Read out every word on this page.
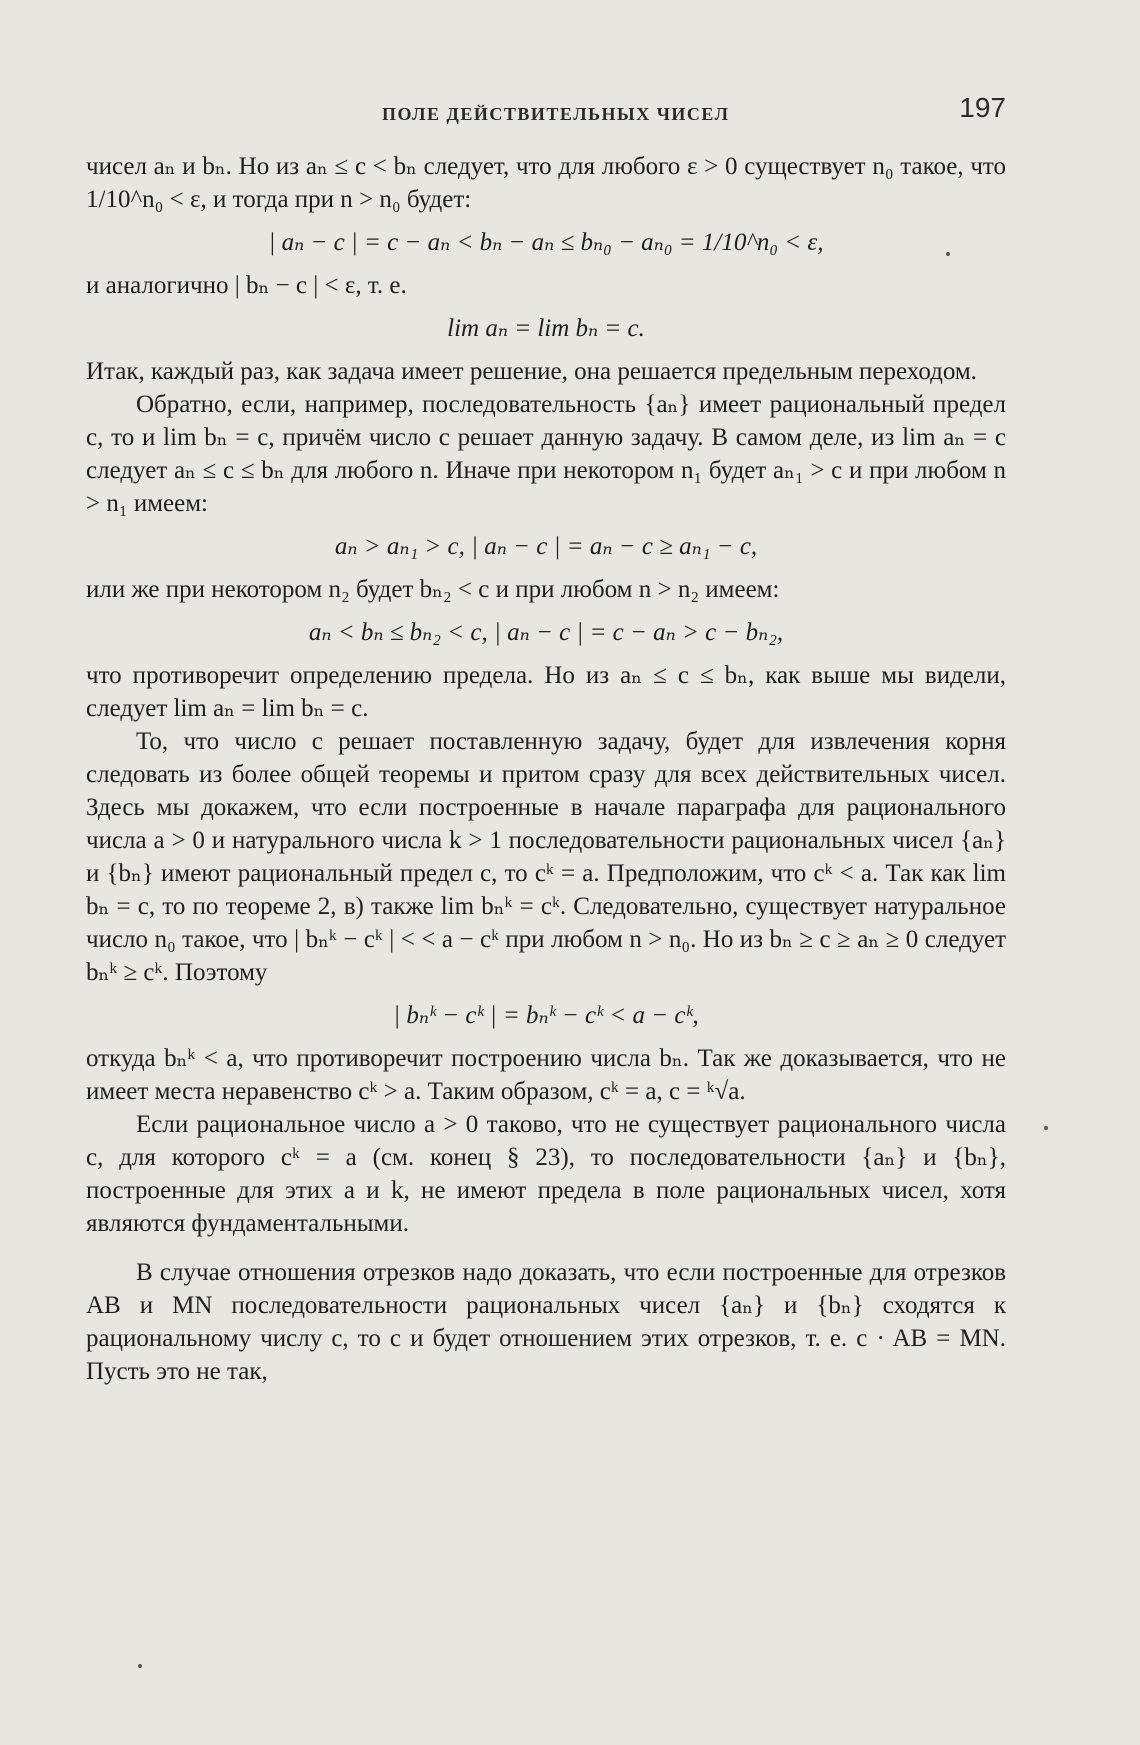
ПОЛЕ ДЕЙСТВИТЕЛЬНЫХ ЧИСЕЛ	197

чисел aₙ и bₙ. Но из aₙ ≤ c < bₙ следует, что для любого ε > 0 существует n₀ такое, что 1/10^n₀ < ε, и тогда при n > n₀ будет:

| aₙ − c | = c − aₙ < bₙ − aₙ ≤ bₙ₀ − aₙ₀ = 1/10^n₀ < ε,

и аналогично | bₙ − c | < ε, т. е.

lim aₙ = lim bₙ = c.

Итак, каждый раз, как задача имеет решение, она решается предельным переходом.

Обратно, если, например, последовательность {aₙ} имеет рациональный предел c, то и lim bₙ = c, причём число c решает данную задачу. В самом деле, из lim aₙ = c следует aₙ ≤ c ≤ bₙ для любого n. Иначе при некотором n₁ будет aₙ₁ > c и при любом n > n₁ имеем:

aₙ > aₙ₁ > c, | aₙ − c | = aₙ − c ≥ aₙ₁ − c,

или же при некотором n₂ будет bₙ₂ < c и при любом n > n₂ имеем:

aₙ < bₙ ≤ bₙ₂ < c, | aₙ − c | = c − aₙ > c − bₙ₂,

что противоречит определению предела. Но из aₙ ≤ c ≤ bₙ, как выше мы видели, следует lim aₙ = lim bₙ = c.

То, что число c решает поставленную задачу, будет для извлечения корня следовать из более общей теоремы и притом сразу для всех действительных чисел. Здесь мы докажем, что если построенные в начале параграфа для рационального числа a > 0 и натурального числа k > 1 последовательности рациональных чисел {aₙ} и {bₙ} имеют рациональный предел c, то cᵏ = a. Предположим, что cᵏ < a. Так как lim bₙ = c, то по теореме 2, в) также lim bₙᵏ = cᵏ. Следовательно, существует натуральное число n₀ такое, что | bₙᵏ − cᵏ | < < a − cᵏ при любом n > n₀. Но из bₙ ≥ c ≥ aₙ ≥ 0 следует bₙᵏ ≥ cᵏ. Поэтому

| bₙᵏ − cᵏ | = bₙᵏ − cᵏ < a − cᵏ,

откуда bₙᵏ < a, что противоречит построению числа bₙ. Так же доказывается, что не имеет места неравенство cᵏ > a. Таким образом, cᵏ = a, c = ᵏ√a.

Если рациональное число a > 0 таково, что не существует рационального числа c, для которого cᵏ = a (см. конец § 23), то последовательности {aₙ} и {bₙ}, построенные для этих a и k, не имеют предела в поле рациональных чисел, хотя являются фундаментальными.

В случае отношения отрезков надо доказать, что если построенные для отрезков AB и MN последовательности рациональных чисел {aₙ} и {bₙ} сходятся к рациональному числу c, то c и будет отношением этих отрезков, т. е. c · AB = MN. Пусть это не так,
